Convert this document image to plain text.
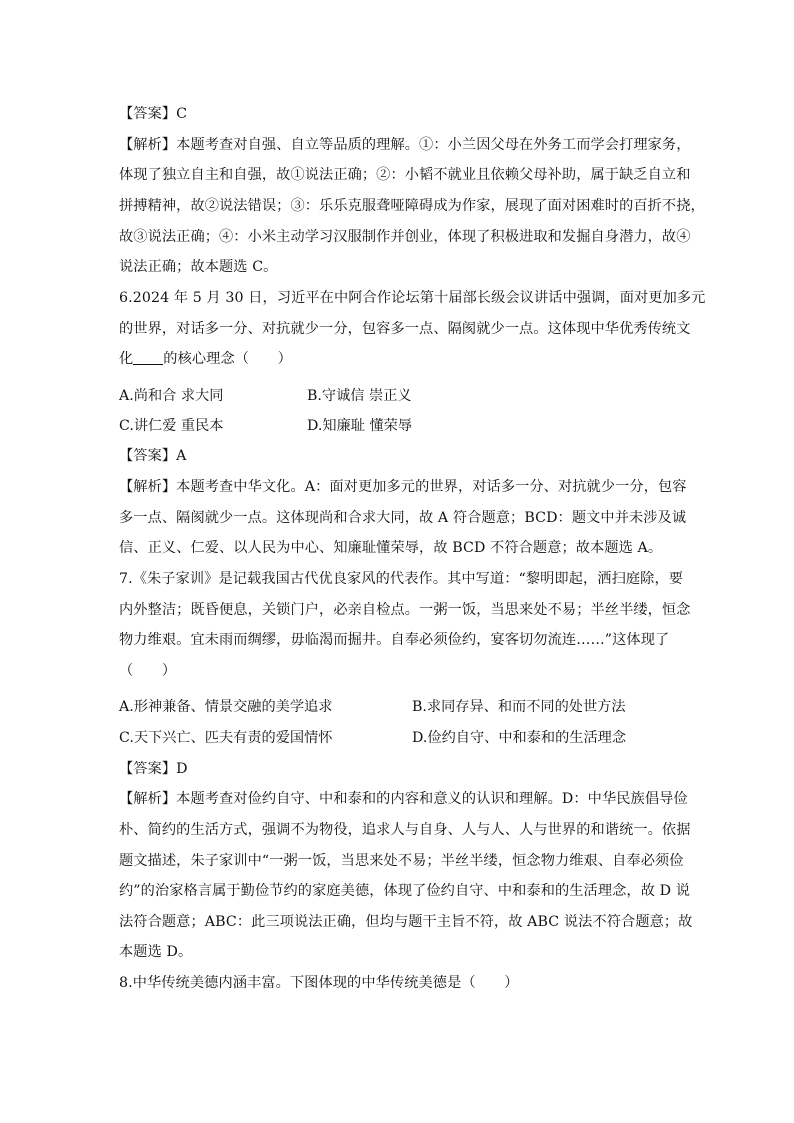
【答案】C
【解析】本题考查对自强、自立等品质的理解。①：小兰因父母在外务工而学会打理家务，
体现了独立自主和自强，故①说法正确；②：小韬不就业且依赖父母补助，属于缺乏自立和
拼搏精神，故②说法错误；③：乐乐克服聋哑障碍成为作家，展现了面对困难时的百折不挠，
故③说法正确；④：小米主动学习汉服制作并创业，体现了积极进取和发掘自身潜力，故④
说法正确；故本题选 C。
6.2024 年 5 月 30 日，习近平在中阿合作论坛第十届部长级会议讲话中强调，面对更加多元
的世界，对话多一分、对抗就少一分，包容多一点、隔阂就少一点。这体现中华优秀传统文
化 的核心理念（　　）
A.尚和合 求大同	B.守诚信 崇正义
C.讲仁爱 重民本	D.知廉耻 懂荣辱
【答案】A
【解析】本题考查中华文化。A：面对更加多元的世界，对话多一分、对抗就少一分，包容
多一点、隔阂就少一点。这体现尚和合求大同，故 A 符合题意；BCD：题文中并未涉及诚
信、正义、仁爱、以人民为中心、知廉耻懂荣辱，故 BCD 不符合题意；故本题选 A。
7.《朱子家训》是记载我国古代优良家风的代表作。其中写道：“黎明即起，洒扫庭除，要
内外整洁；既昏便息，关锁门户，必亲自检点。一粥一饭，当思来处不易；半丝半缕，恒念
物力维艰。宜未雨而绸缪，毋临渴而掘井。自奉必须俭约，宴客切勿流连……”这体现了
（　　）
A.形神兼备、情景交融的美学追求	B.求同存异、和而不同的处世方法
C.天下兴亡、匹夫有责的爱国情怀	D.俭约自守、中和泰和的生活理念
【答案】D
【解析】本题考查对俭约自守、中和泰和的内容和意义的认识和理解。D：中华民族倡导俭
朴、简约的生活方式，强调不为物役，追求人与自身、人与人、人与世界的和谐统一。依据
题文描述，朱子家训中“一粥一饭，当思来处不易；半丝半缕，恒念物力维艰、自奉必须俭
约”的治家格言属于勤俭节约的家庭美德，体现了俭约自守、中和泰和的生活理念，故 D 说
法符合题意；ABC：此三项说法正确，但均与题干主旨不符，故 ABC 说法不符合题意；故
本题选 D。
8.中华传统美德内涵丰富。下图体现的中华传统美德是（　　）
